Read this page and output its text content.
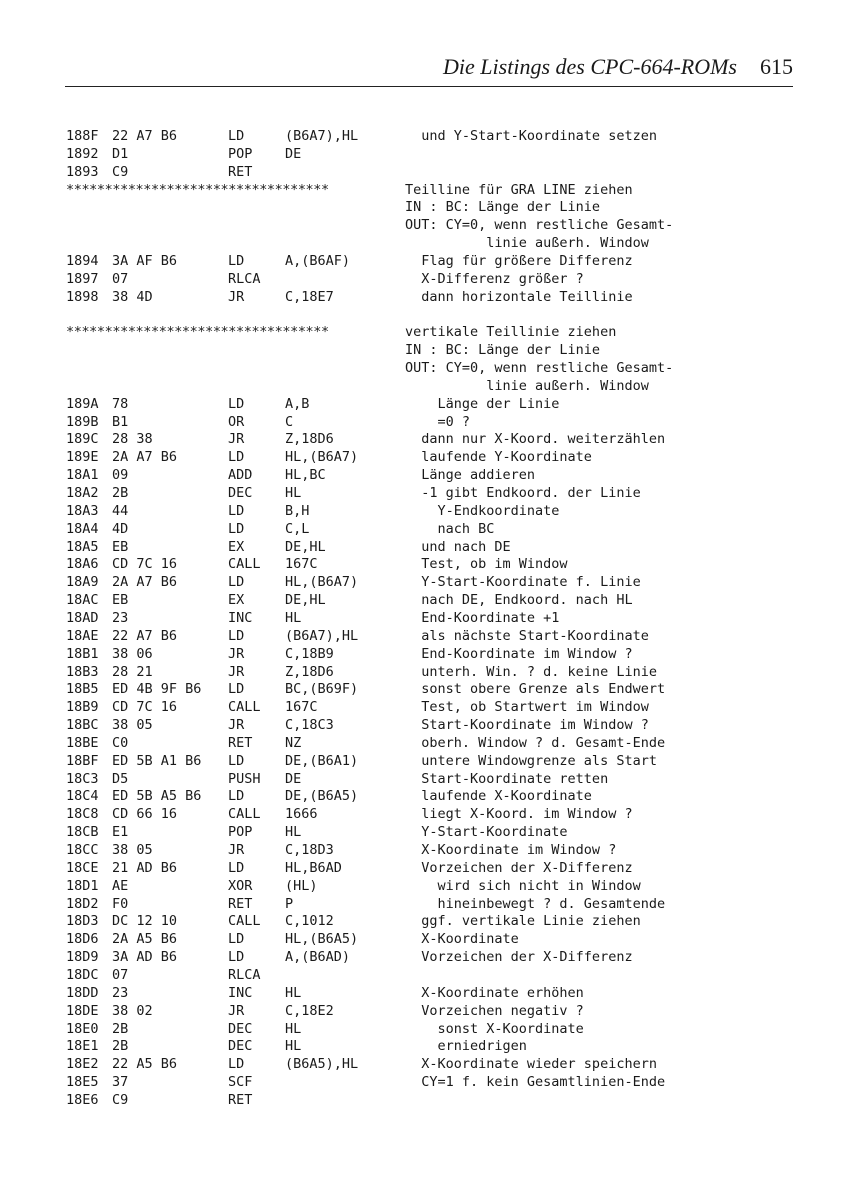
Die Listings des CPC-664-ROMs 615
188F 22 A7 B6	LD	(B6A7),HL	und Y-Start-Koordinate setzen
1892 D1	POP DE
1893 C9	RET
**********************************	Teilline für GRA LINE ziehen
IN : BC: Länge der Linie
OUT: CY=0, wenn restliche Gesamt-
linie außerh. Window
1894 3A AF B6	LD	A,(B6AF)	Flag für größere Differenz
1897 07	RLCA	X-Differenz größer ?
1898 38 4D	JR	C,18E7	dann horizontale Teillinie
**********************************	vertikale Teillinie ziehen
IN : BC: Länge der Linie
OUT: CY=0, wenn restliche Gesamt-
linie außerh. Window
189A 78	LD	A,B	Länge der Linie
189B B1	OR	C	=0 ?
189C 28 38	JR	Z,18D6	dann nur X-Koord. weiterzählen
189E 2A A7 B6	LD	HL,(B6A7)	laufende Y-Koordinate
18A1 09	ADD HL,BC	Länge addieren
18A2 2B	DEC HL	-1 gibt Endkoord. der Linie
18A3 44	LD	B,H	Y-Endkoordinate
18A4 4D	LD	C,L	nach BC
18A5 EB	EX	DE,HL	und nach DE
18A6 CD 7C 16	CALL 167C	Test, ob im Window
18A9 2A A7 B6	LD	HL,(B6A7)	Y-Start-Koordinate f. Linie
18AC EB	EX	DE,HL	nach DE, Endkoord. nach HL
18AD 23	INC HL	End-Koordinate +1
18AE 22 A7 B6	LD	(B6A7),HL	als nächste Start-Koordinate
18B1 38 06	JR	C,18B9	End-Koordinate im Window ?
18B3 28 21	JR	Z,18D6	unterh. Win. ? d. keine Linie
18B5 ED 4B 9F B6 LD	BC,(B69F)	sonst obere Grenze als Endwert
18B9 CD 7C 16	CALL 167C	Test, ob Startwert im Window
18BC 38 05	JR	C,18C3	Start-Koordinate im Window ?
18BE C0	RET NZ	oberh. Window ? d. Gesamt-Ende
18BF ED 5B A1 B6 LD	DE,(B6A1)	untere Windowgrenze als Start
18C3 D5	PUSH DE	Start-Koordinate retten
18C4 ED 5B A5 B6 LD	DE,(B6A5)	laufende X-Koordinate
18C8 CD 66 16	CALL 1666	liegt X-Koord. im Window ?
18CB E1	POP HL	Y-Start-Koordinate
18CC 38 05	JR	C,18D3	X-Koordinate im Window ?
18CE 21 AD B6	LD	HL,B6AD	Vorzeichen der X-Differenz
18D1 AE	XOR (HL)	wird sich nicht in Window
18D2 F0	RET P	hineinbewegt ? d. Gesamtende
18D3 DC 12 10	CALL C,1012	ggf. vertikale Linie ziehen
18D6 2A A5 B6	LD	HL,(B6A5)	X-Koordinate
18D9 3A AD B6	LD	A,(B6AD)	Vorzeichen der X-Differenz
18DC 07	RLCA
18DD 23	INC HL	X-Koordinate erhöhen
18DE 38 02	JR	C,18E2	Vorzeichen negativ ?
18E0 2B	DEC HL	sonst X-Koordinate
18E1 2B	DEC HL	erniedrigen
18E2 22 A5 B6	LD	(B6A5),HL	X-Koordinate wieder speichern
18E5 37	SCF	CY=1 f. kein Gesamtlinien-Ende
18E6 C9	RET
